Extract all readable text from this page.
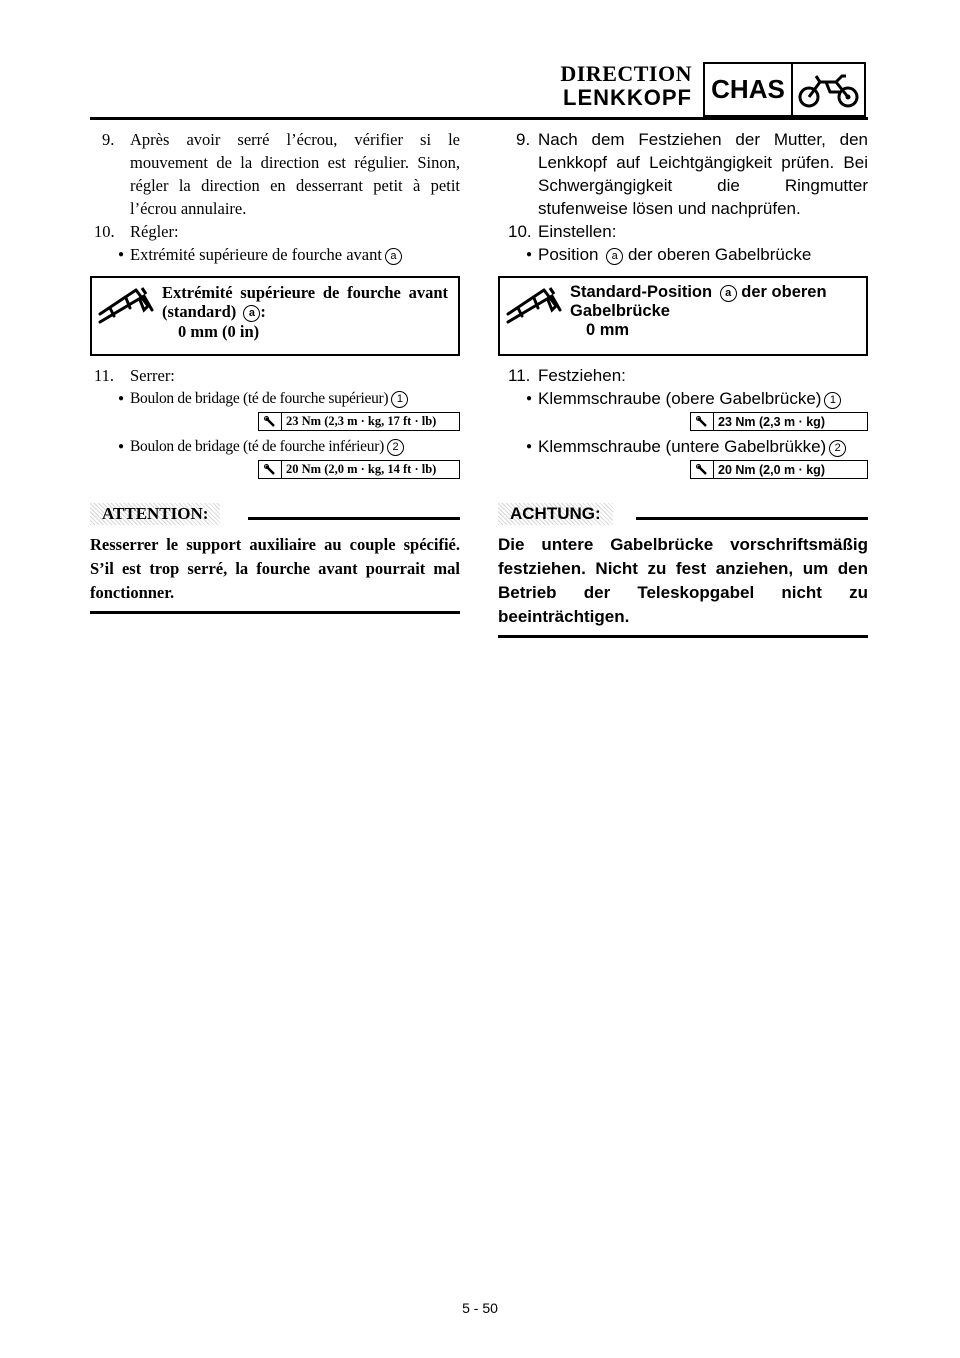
DIRECTION
LENKKOPF CHAS
9. Après avoir serré l’écrou, vérifier si le mouvement de la direction est régulier. Sinon, régler la direction en desserrant petit à petit l’écrou annulaire.
10. Régler:
● Extrémité supérieure de fourche avant a
Extrémité supérieure de fourche avant (standard) a :
0 mm (0 in)
11. Serrer:
● Boulon de bridage (té de fourche supérieur) 1
23 Nm (2,3 m · kg, 17 ft · lb)
● Boulon de bridage (té de fourche inférieur) 2
20 Nm (2,0 m · kg, 14 ft · lb)
ATTENTION:

Resserrer le support auxiliaire au couple spécifié. S’il est trop serré, la fourche avant pourrait mal fonctionner.

9. Nach dem Festziehen der Mutter, den Lenkkopf auf Leichtgängigkeit prüfen. Bei Schwergängigkeit die Ringmutter stufenweise lösen und nachprüfen.
10. Einstellen:
● Position a der oberen Gabelbrücke
Standard-Position a der oberen Gabelbrücke
0 mm
11. Festziehen:
● Klemmschraube (obere Gabelbrücke) 1
23 Nm (2,3 m · kg)
● Klemmschraube (untere Gabelbrükke) 2
20 Nm (2,0 m · kg)
ACHTUNG:

Die untere Gabelbrücke vorschriftsmäßig festziehen. Nicht zu fest anziehen, um den Betrieb der Teleskopgabel nicht zu beeinträchtigen.

5 - 50
